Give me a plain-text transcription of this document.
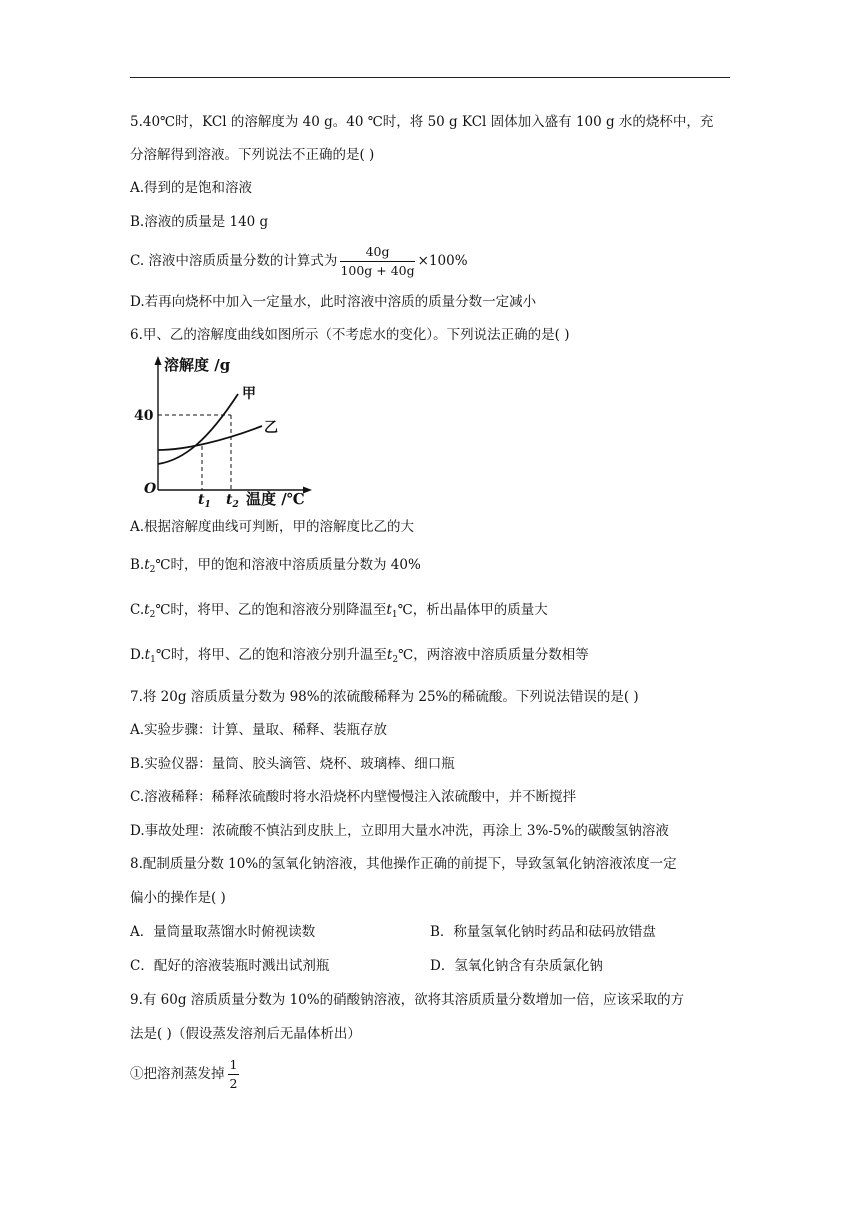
5.40℃时，KCl 的溶解度为 40 g。40 ℃时，将 50 g KCl 固体加入盛有 100 g 水的烧杯中，充
分溶解得到溶液。下列说法不正确的是( )
A.得到的是饱和溶液
B.溶液的质量是 140 g
C. 溶液中溶质质量分数的计算式为 $\frac{40g}{100g + 40g} \times 100\%$
D.若再向烧杯中加入一定量水，此时溶液中溶质的质量分数一定减小
6.甲、乙的溶解度曲线如图所示（不考虑水的变化）。下列说法正确的是( )
溶解度 /g
温度 /℃
O
40
$t_1$ $t_2$
甲
乙
A.根据溶解度曲线可判断，甲的溶解度比乙的大
$B.t_2℃$时，甲的饱和溶液中溶质质量分数为 40%
$C.t_2℃$时，将甲、乙的饱和溶液分别降温至$t_1℃$，析出晶体甲的质量大
$D.t_1℃$时，将甲、乙的饱和溶液分别升温至$t_2℃$，两溶液中溶质质量分数相等
7.将 20g 溶质质量分数为 98%的浓硫酸稀释为 25%的稀硫酸。下列说法错误的是( )
A.实验步骤：计算、量取、稀释、装瓶存放
B.实验仪器：量筒、胶头滴管、烧杯、玻璃棒、细口瓶
C.溶液稀释：稀释浓硫酸时将水沿烧杯内壁慢慢注入浓硫酸中，并不断搅拌
D.事故处理：浓硫酸不慎沾到皮肤上，立即用大量水冲洗，再涂上 3%-5%的碳酸氢钠溶液
8.配制质量分数 10%的氢氧化钠溶液，其他操作正确的前提下，导致氢氧化钠溶液浓度一定
偏小的操作是( )
A．量筒量取蒸馏水时俯视读数	B．称量氢氧化钠时药品和砝码放错盘
C．配好的溶液装瓶时溅出试剂瓶	D．氢氧化钠含有杂质氯化钠
9.有 60g 溶质质量分数为 10%的硝酸钠溶液，欲将其溶质质量分数增加一倍，应该采取的方
法是( )（假设蒸发溶剂后无晶体析出）
①把溶剂蒸发掉 $\frac{1}{2}$
